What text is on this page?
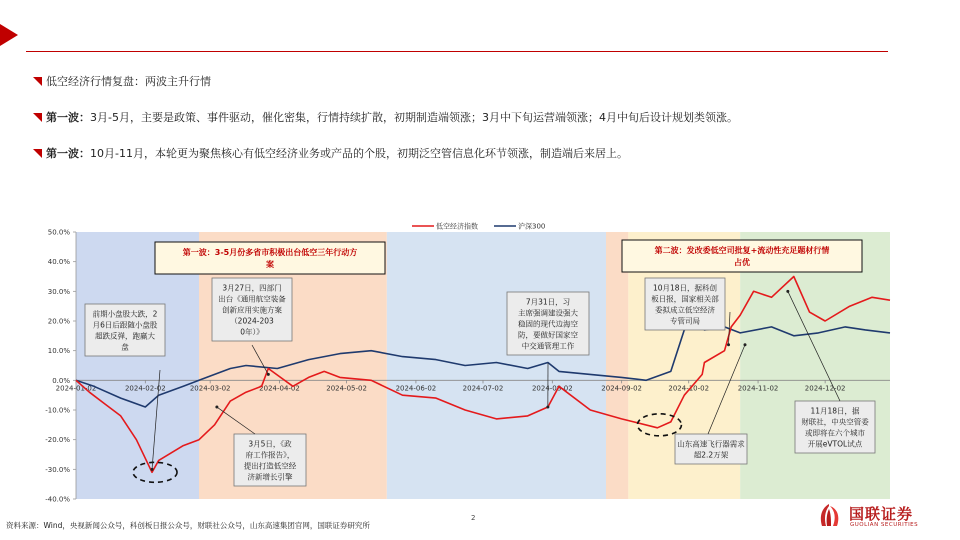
低空经济行情复盘：两波主升行情
第一波：3月-5月，主要是政策、事件驱动，催化密集，行情持续扩散，初期制造端领涨；3月中下旬运营端领涨；4月中旬后设计规划类领涨。
第一波：10月-11月，本轮更为聚焦核心有低空经济业务或产品的个股，初期泛空管信息化环节领涨，制造端后来居上。
-40.0%
-30.0%
-20.0%
-10.0%
0.0%
10.0%
20.0%
30.0%
40.0%
50.0%
2024-01-02	2024-02-02	2024-03-02	2024-04-02	2024-05-02	2024-06-02	2024-07-02	2024-08-02	2024-09-02	2024-10-02	2024-11-02	2024-12-02
低空经济指数	沪深300
第一波：3-5月份多省市积极出台低空三年行动方案
第二波：发改委低空司批复+流动性充足题材行情占优
前期小盘股大跌，2 月6日后跟随小盘股超跌反弹，跑赢大盘
3月27日，四部门出台《通用航空装备创新应用实施方案（2024-203 0年）》
3月5日，《政府工作报告》，提出打造低空经济新增长引擎
7月31日，习主席强调建设强大稳固的现代边海空防，要做好国家空中交通管理工作
10月18日，据科创板日报，国家相关部委拟成立低空经济专管司局
山东高速飞行器需求超2.2万架
11月18日，据财联社，中央空管委或即将在六个城市开展eVTOL试点
资料来源：Wind，央视新闻公众号，科创板日报公众号，财联社公众号，山东高速集团官网，国联证券研究所
2	国联证券
GUOLIAN SECURITIES
